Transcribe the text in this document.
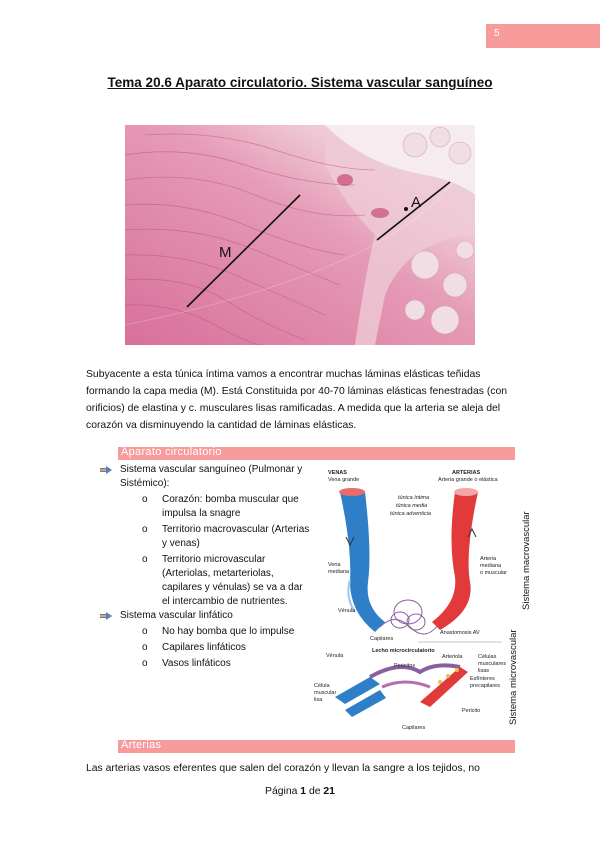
5
Tema 20.6 Aparato circulatorio. Sistema vascular sanguíneo
M
A

Subyacente a esta túnica íntima vamos a encontrar muchas láminas elásticas teñidas formando la capa media (M). Está Constituida por 40-70 láminas elásticas fenestradas (con orificios) de elastina y c. musculares lisas ramificadas. A medida que la arteria se aleja del corazón va disminuyendo la cantidad de láminas elásticas.

Aparato circulatorio
Sistema vascular sanguíneo (Pulmonar y Sistémico):
o Corazón: bomba muscular que impulsa la snagre
o Territorio macrovascular (Arterias y venas)
o Territorio microvascular (Arteriolas, metarteriolas, capilares y vénulas) se va a dar el intercambio de nutrientes.
Sistema vascular linfático
o No hay bomba que lo impulse
o Capilares linfáticos
o Vasos linfáticos
VENAS
Vena grande
ARTERIAS
Arteria grande o elástica
túnica íntima
túnica media
túnica adventicia
Vena
mediana
Arteria
mediana
o muscular
Vénula
Capilares
Anastomosis AV
Lecho microcirculatorio
Vénula
Pericitos
Arteriola	Células
musculares
lisas
Esfínteres
precapilares
Célula
muscular
lisa
Pericito
Capilares
Sistema macrovascular
Sistema microvascular
Arterias

Las arterias vasos eferentes que salen del corazón y llevan la sangre a los tejidos, no

Página 1 de 21
